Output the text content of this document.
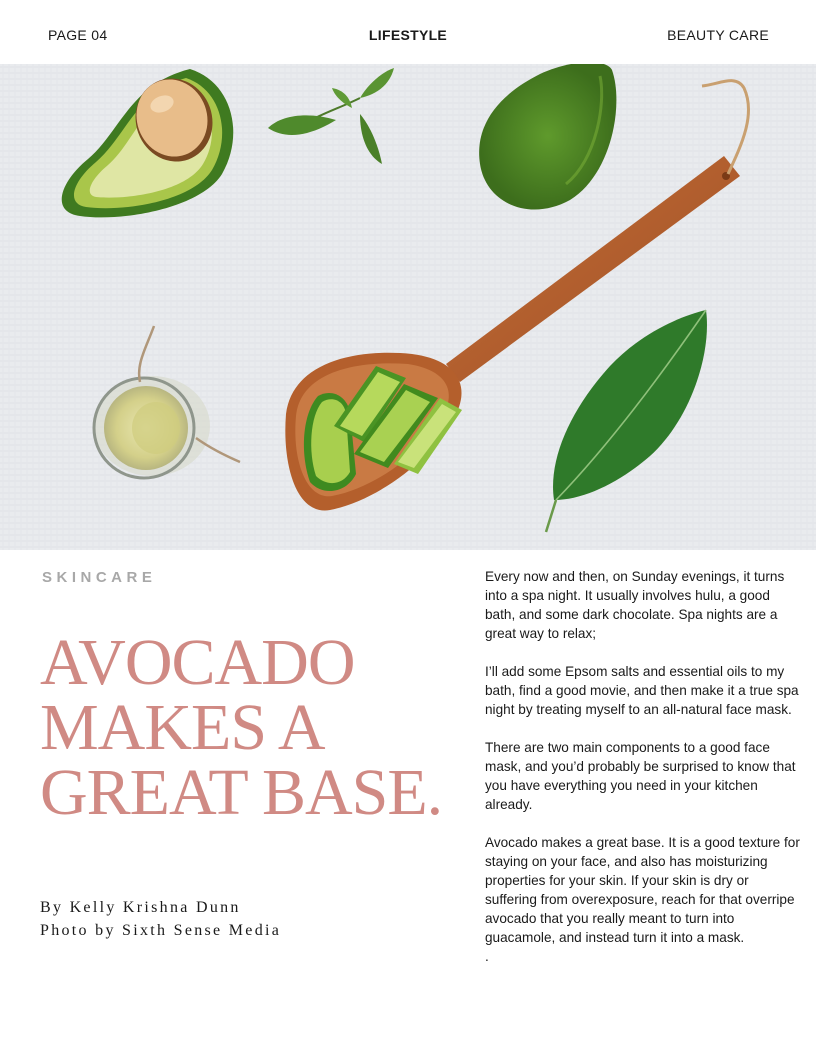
PAGE 04	LIFESTYLE	BEAUTY CARE
SKINCARE
AVOCADO
MAKES A
GREAT BASE.
By Kelly Krishna Dunn
Photo by Sixth Sense Media

Every now and then, on Sunday evenings, it turns into a spa night. It usually involves hulu, a good bath, and some dark chocolate. Spa nights are a great way to relax;

I’ll add some Epsom salts and essential oils to my bath, find a good movie, and then make it a true spa night by treating myself to an all-natural face mask.

There are two main components to a good face mask, and you’d probably be surprised to know that you have everything you need in your kitchen already.

Avocado makes a great base. It is a good texture for staying on your face, and also has moisturizing properties for your skin. If your skin is dry or suffering from overexposure, reach for that overripe avocado that you really meant to turn into guacamole, and instead turn it into a mask.

.
